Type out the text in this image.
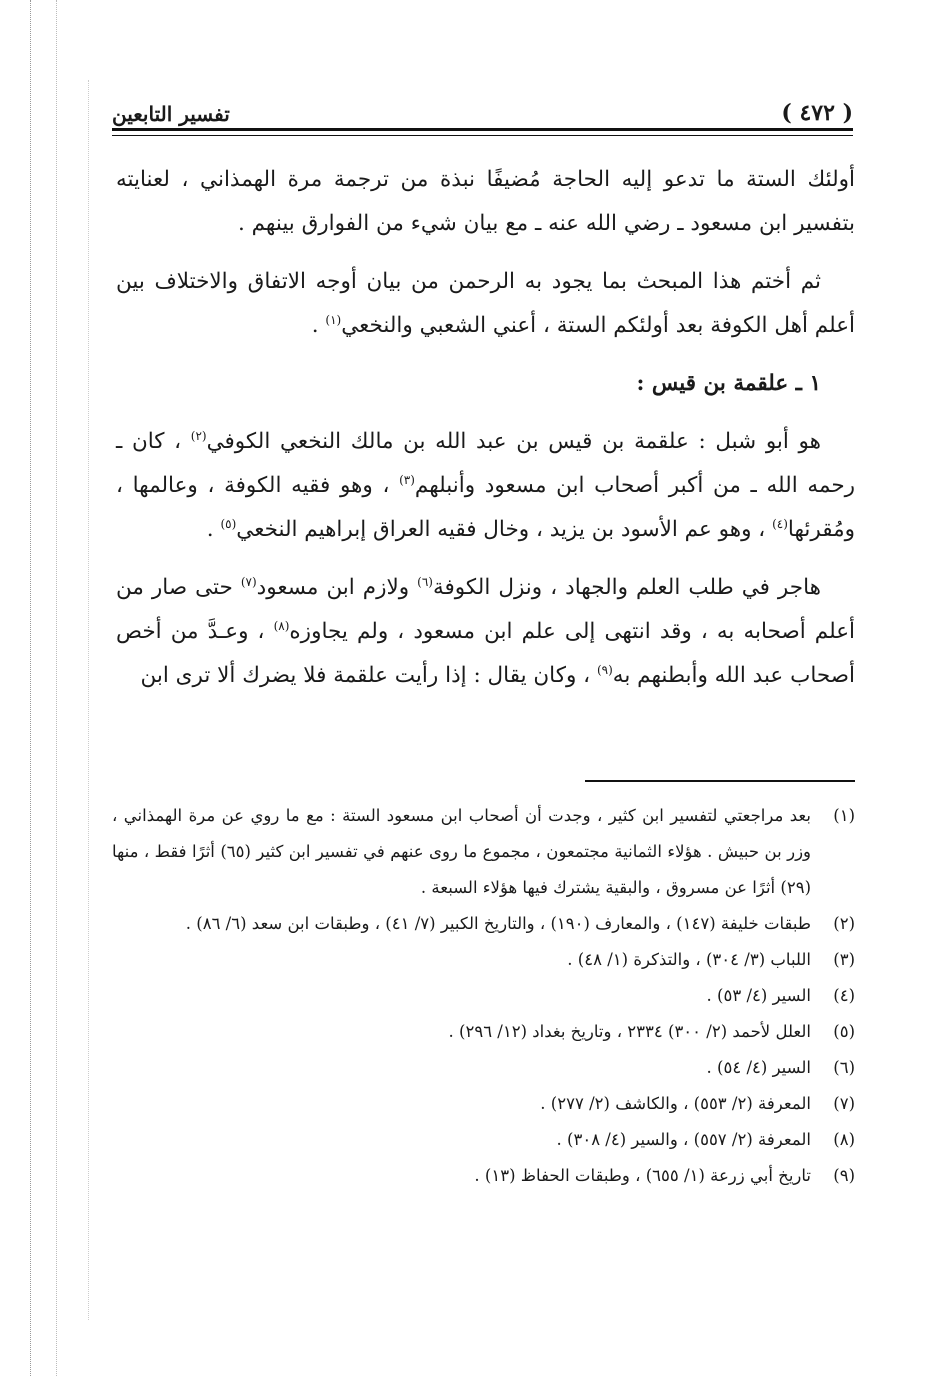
( ٤٧٢ )
تفسير التابعين

أولئك الستة ما تدعو إليه الحاجة مُضيفًا نبذة من ترجمة مرة الهمذاني ، لعنايته بتفسير ابن مسعود ـ رضي الله عنه ـ مع بيان شيء من الفوارق بينهم .

ثم أختم هذا المبحث بما يجود به الرحمن من بيان أوجه الاتفاق والاختلاف بين أعلم أهل الكوفة بعد أولئكم الستة ، أعني الشعبي والنخعي$^{(١)}$ .

١ ـ علقمة بن قيس :

هو أبو شبل : علقمة بن قيس بن عبد الله بن مالك النخعي الكوفي$^{(٢)}$ ، كان ـ رحمه الله ـ من أكبر أصحاب ابن مسعود وأنبلهم$^{(٣)}$ ، وهو فقيه الكوفة ، وعالمها ، ومُقرئها$^{(٤)}$ ، وهو عم الأسود بن يزيد ، وخال فقيه العراق إبراهيم النخعي$^{(٥)}$ .

هاجر في طلب العلم والجهاد ، ونزل الكوفة$^{(٦)}$ ولازم ابن مسعود$^{(٧)}$ حتى صار من أعلم أصحابه به ، وقد انتهى إلى علم ابن مسعود ، ولم يجاوزه$^{(٨)}$ ، وعـدَّ من أخص أصحاب عبد الله وأبطنهم به$^{(٩)}$ ، وكان يقال : إذا رأيت علقمة فلا يضرك ألا ترى ابن

(١)
بعد مراجعتي لتفسير ابن كثير ، وجدت أن أصحاب ابن مسعود الستة : مع ما روي عن مرة الهمذاني ، وزر بن حبيش . هؤلاء الثمانية مجتمعون ، مجموع ما روى عنهم في تفسير ابن كثير (٦٥) أثرًا فقط ، منها (٢٩) أثرًا عن مسروق ، والبقية يشترك فيها هؤلاء السبعة .
(٢)
طبقات خليفة (١٤٧) ، والمعارف (١٩٠) ، والتاريخ الكبير (٧/ ٤١) ، وطبقات ابن سعد (٦/ ٨٦) .
(٣)
اللباب (٣/ ٣٠٤) ، والتذكرة (١/ ٤٨) .
(٤)
السير (٤/ ٥٣) .
(٥)
العلل لأحمد (٢/ ٣٠٠) ٢٣٣٤ ، وتاريخ بغداد (١٢/ ٢٩٦) .
(٦)
السير (٤/ ٥٤) .
(٧)
المعرفة (٢/ ٥٥٣) ، والكاشف (٢/ ٢٧٧) .
(٨)
المعرفة (٢/ ٥٥٧) ، والسير (٤/ ٣٠٨) .
(٩)
تاريخ أبي زرعة (١/ ٦٥٥) ، وطبقات الحفاظ (١٣) .
